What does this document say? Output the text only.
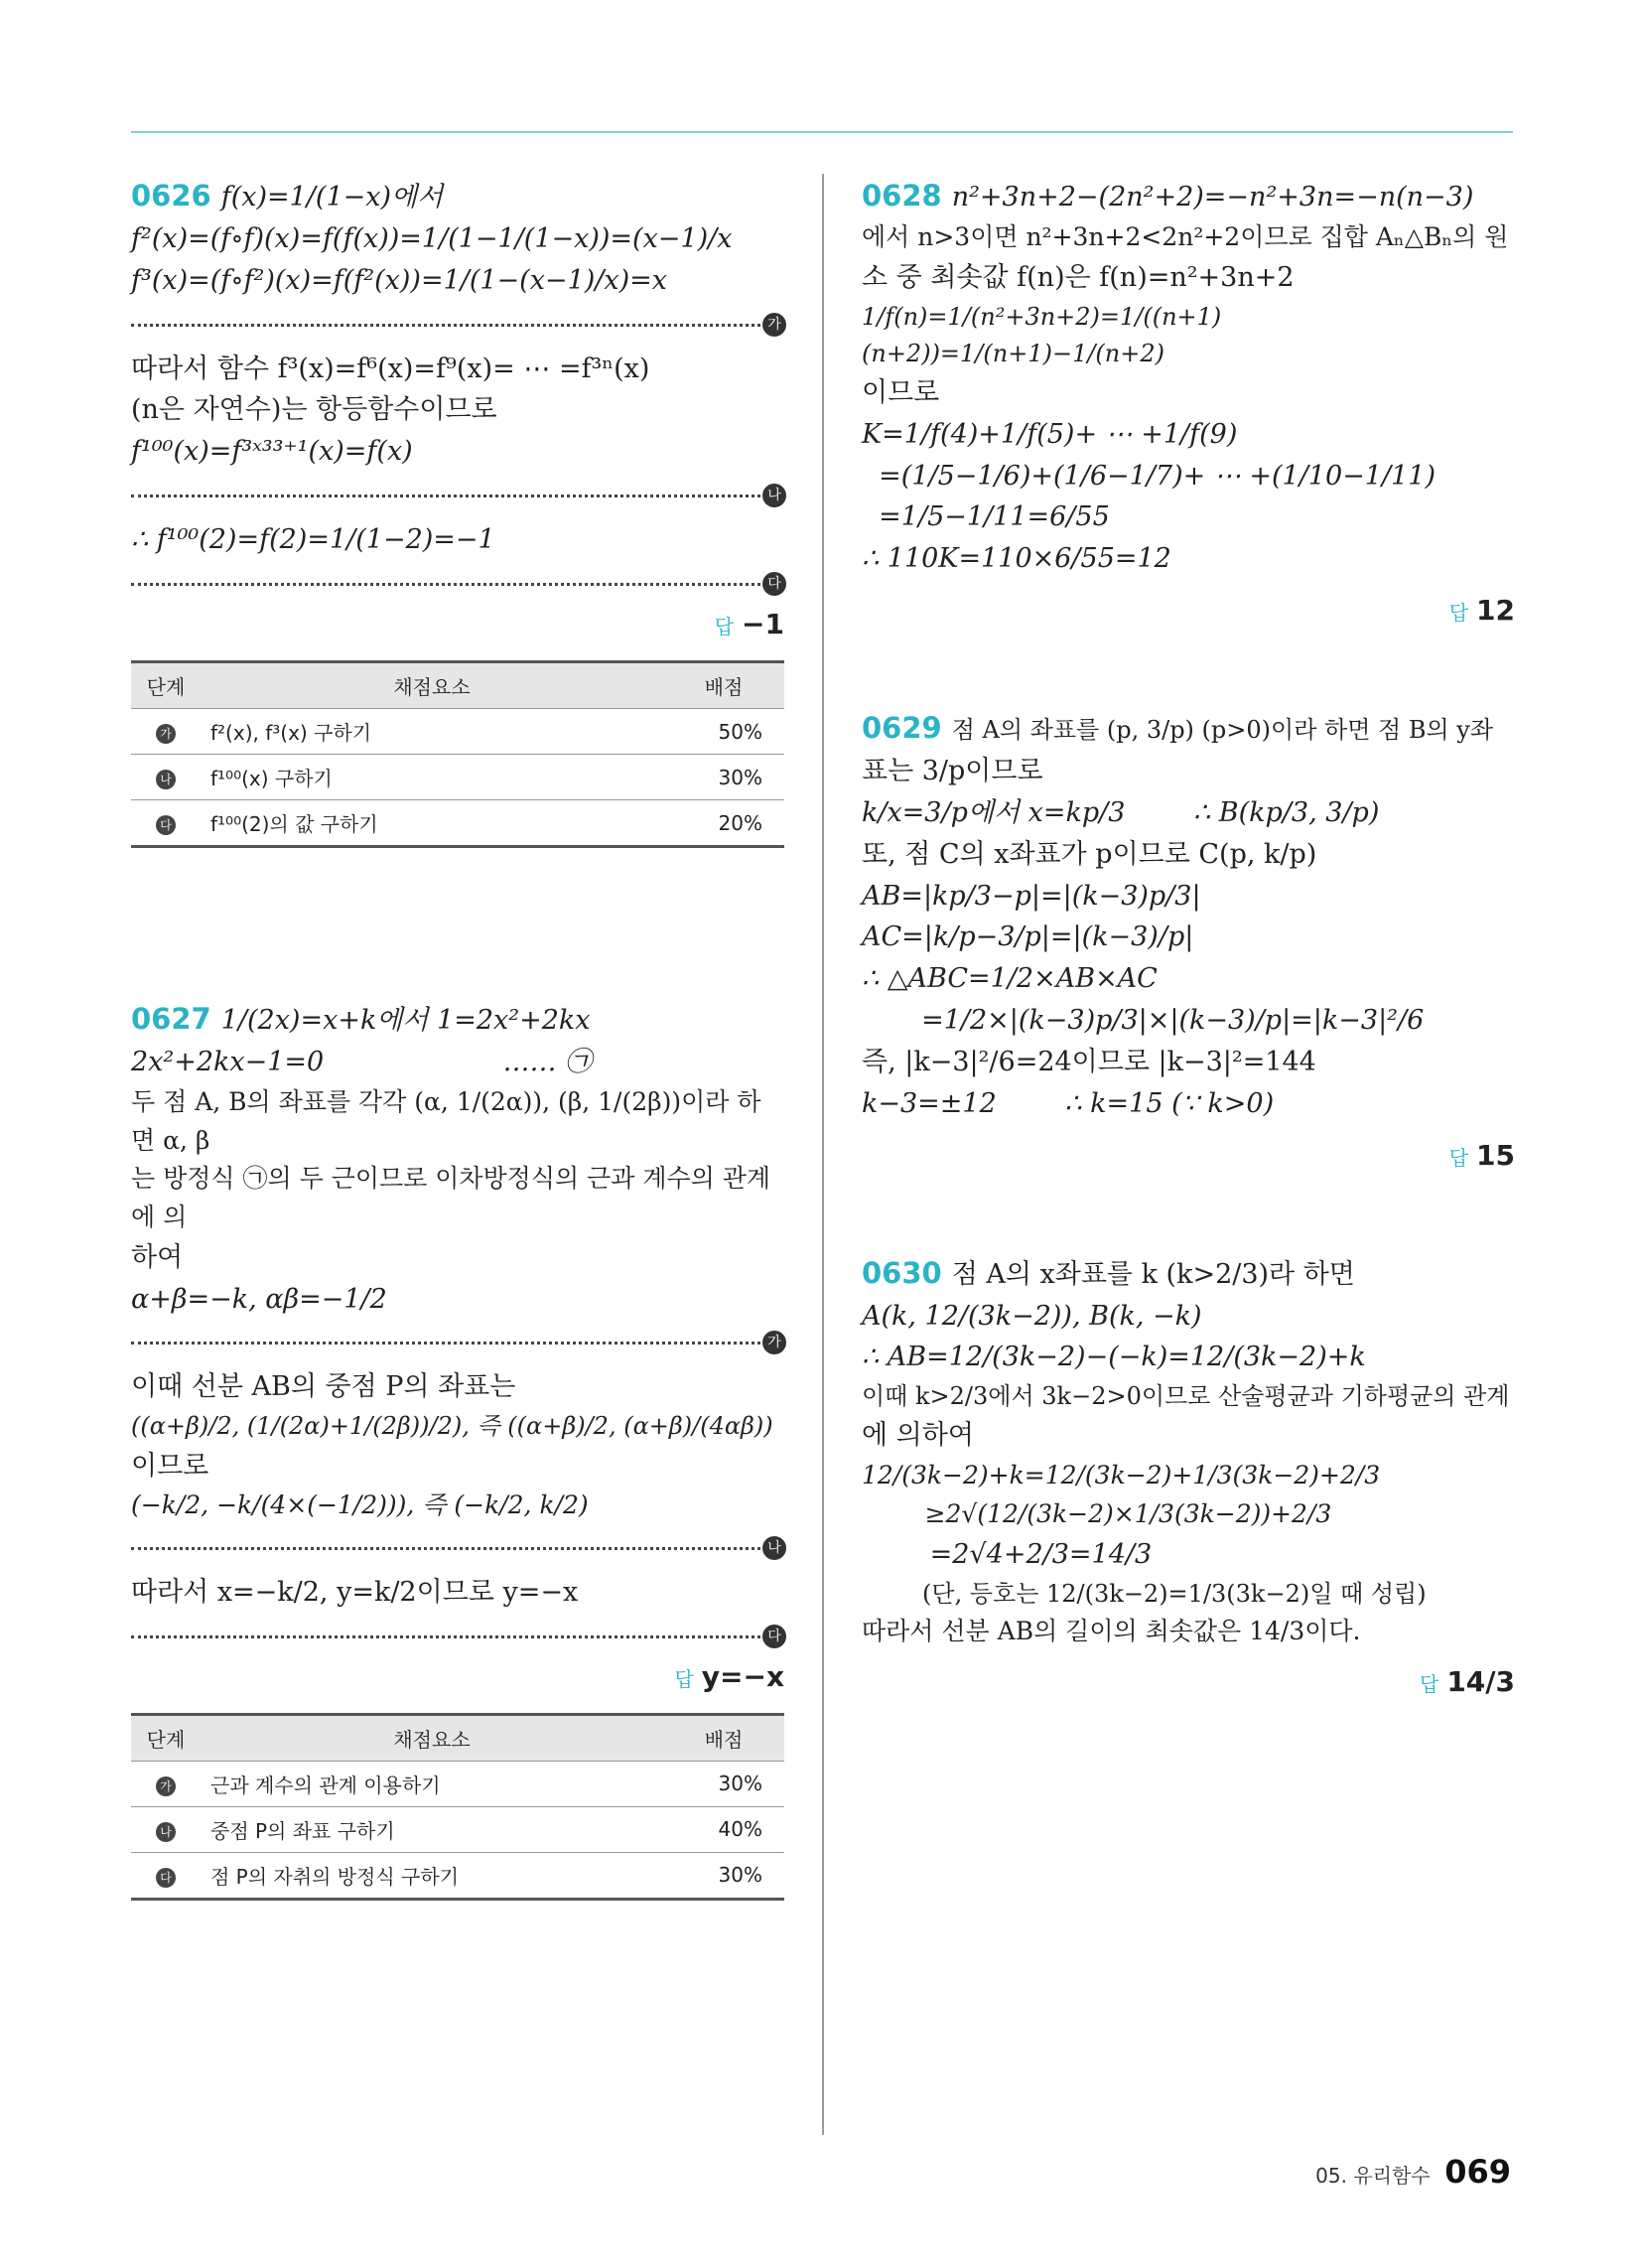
0626 f(x)=1/(1−x)에서

f²(x)=(f∘f)(x)=f(f(x))=1/(1−1/(1−x))=(x−1)/x

f³(x)=(f∘f²)(x)=f(f²(x))=1/(1−(x−1)/x)=x

가

따라서 함수 f³(x)=f⁶(x)=f⁹(x)= ⋯ =f³ⁿ(x)

(n은 자연수)는 항등함수이므로

f¹⁰⁰(x)=f³ˣ³³⁺¹(x)=f(x)

나

∴ f¹⁰⁰(2)=f(2)=1/(1−2)=−1

다
답 −1
단계	채점요소	배점
가	f²(x), f³(x) 구하기	50%
나	f¹⁰⁰(x) 구하기	30%
다	f¹⁰⁰(2)의 값 구하기	20%

0627 1/(2x)=x+k에서 1=2x²+2kx

2x²+2kx−1=0                     …… ㉠

두 점 A, B의 좌표를 각각 (α, 1/(2α)), (β, 1/(2β))이라 하면 α, β

는 방정식 ㉠의 두 근이므로 이차방정식의 근과 계수의 관계에 의

하여

α+β=−k, αβ=−1/2

가

이때 선분 AB의 중점 P의 좌표는

((α+β)/2, (1/(2α)+1/(2β))/2), 즉 ((α+β)/2, (α+β)/(4αβ))

이므로

(−k/2, −k/(4×(−1/2))), 즉 (−k/2, k/2)

나

따라서 x=−k/2, y=k/2이므로 y=−x

다
답 y=−x
단계	채점요소	배점
가	근과 계수의 관계 이용하기	30%
나	중점 P의 좌표 구하기	40%
다	점 P의 자취의 방정식 구하기	30%

0628 n²+3n+2−(2n²+2)=−n²+3n=−n(n−3)

에서 n>3이면 n²+3n+2<2n²+2이므로 집합 Aₙ△Bₙ의 원

소 중 최솟값 f(n)은 f(n)=n²+3n+2

1/f(n)=1/(n²+3n+2)=1/((n+1)(n+2))=1/(n+1)−1/(n+2)

이므로

K=1/f(4)+1/f(5)+ ⋯ +1/f(9)

=(1/5−1/6)+(1/6−1/7)+ ⋯ +(1/10−1/11)

=1/5−1/11=6/55

∴ 110K=110×6/55=12

답 12

0629 점 A의 좌표를 (p, 3/p) (p>0)이라 하면 점 B의 y좌

표는 3/p이므로

k/x=3/p에서 x=kp/3        ∴ B(kp/3, 3/p)

또, 점 C의 x좌표가 p이므로 C(p, k/p)

AB=|kp/3−p|=|(k−3)p/3|

AC=|k/p−3/p|=|(k−3)/p|

∴ △ABC=1/2×AB×AC

=1/2×|(k−3)p/3|×|(k−3)/p|=|k−3|²/6

즉, |k−3|²/6=24이므로 |k−3|²=144

k−3=±12        ∴ k=15 (∵ k>0)

답 15

0630 점 A의 x좌표를 k (k>2/3)라 하면

A(k, 12/(3k−2)), B(k, −k)

∴ AB=12/(3k−2)−(−k)=12/(3k−2)+k

이때 k>2/3에서 3k−2>0이므로 산술평균과 기하평균의 관계

에 의하여

12/(3k−2)+k=12/(3k−2)+1/3(3k−2)+2/3

≥2√(12/(3k−2)×1/3(3k−2))+2/3

=2√4+2/3=14/3

(단, 등호는 12/(3k−2)=1/3(3k−2)일 때 성립)

따라서 선분 AB의 길이의 최솟값은 14/3이다.

답 14/3
05. 유리함수 069
